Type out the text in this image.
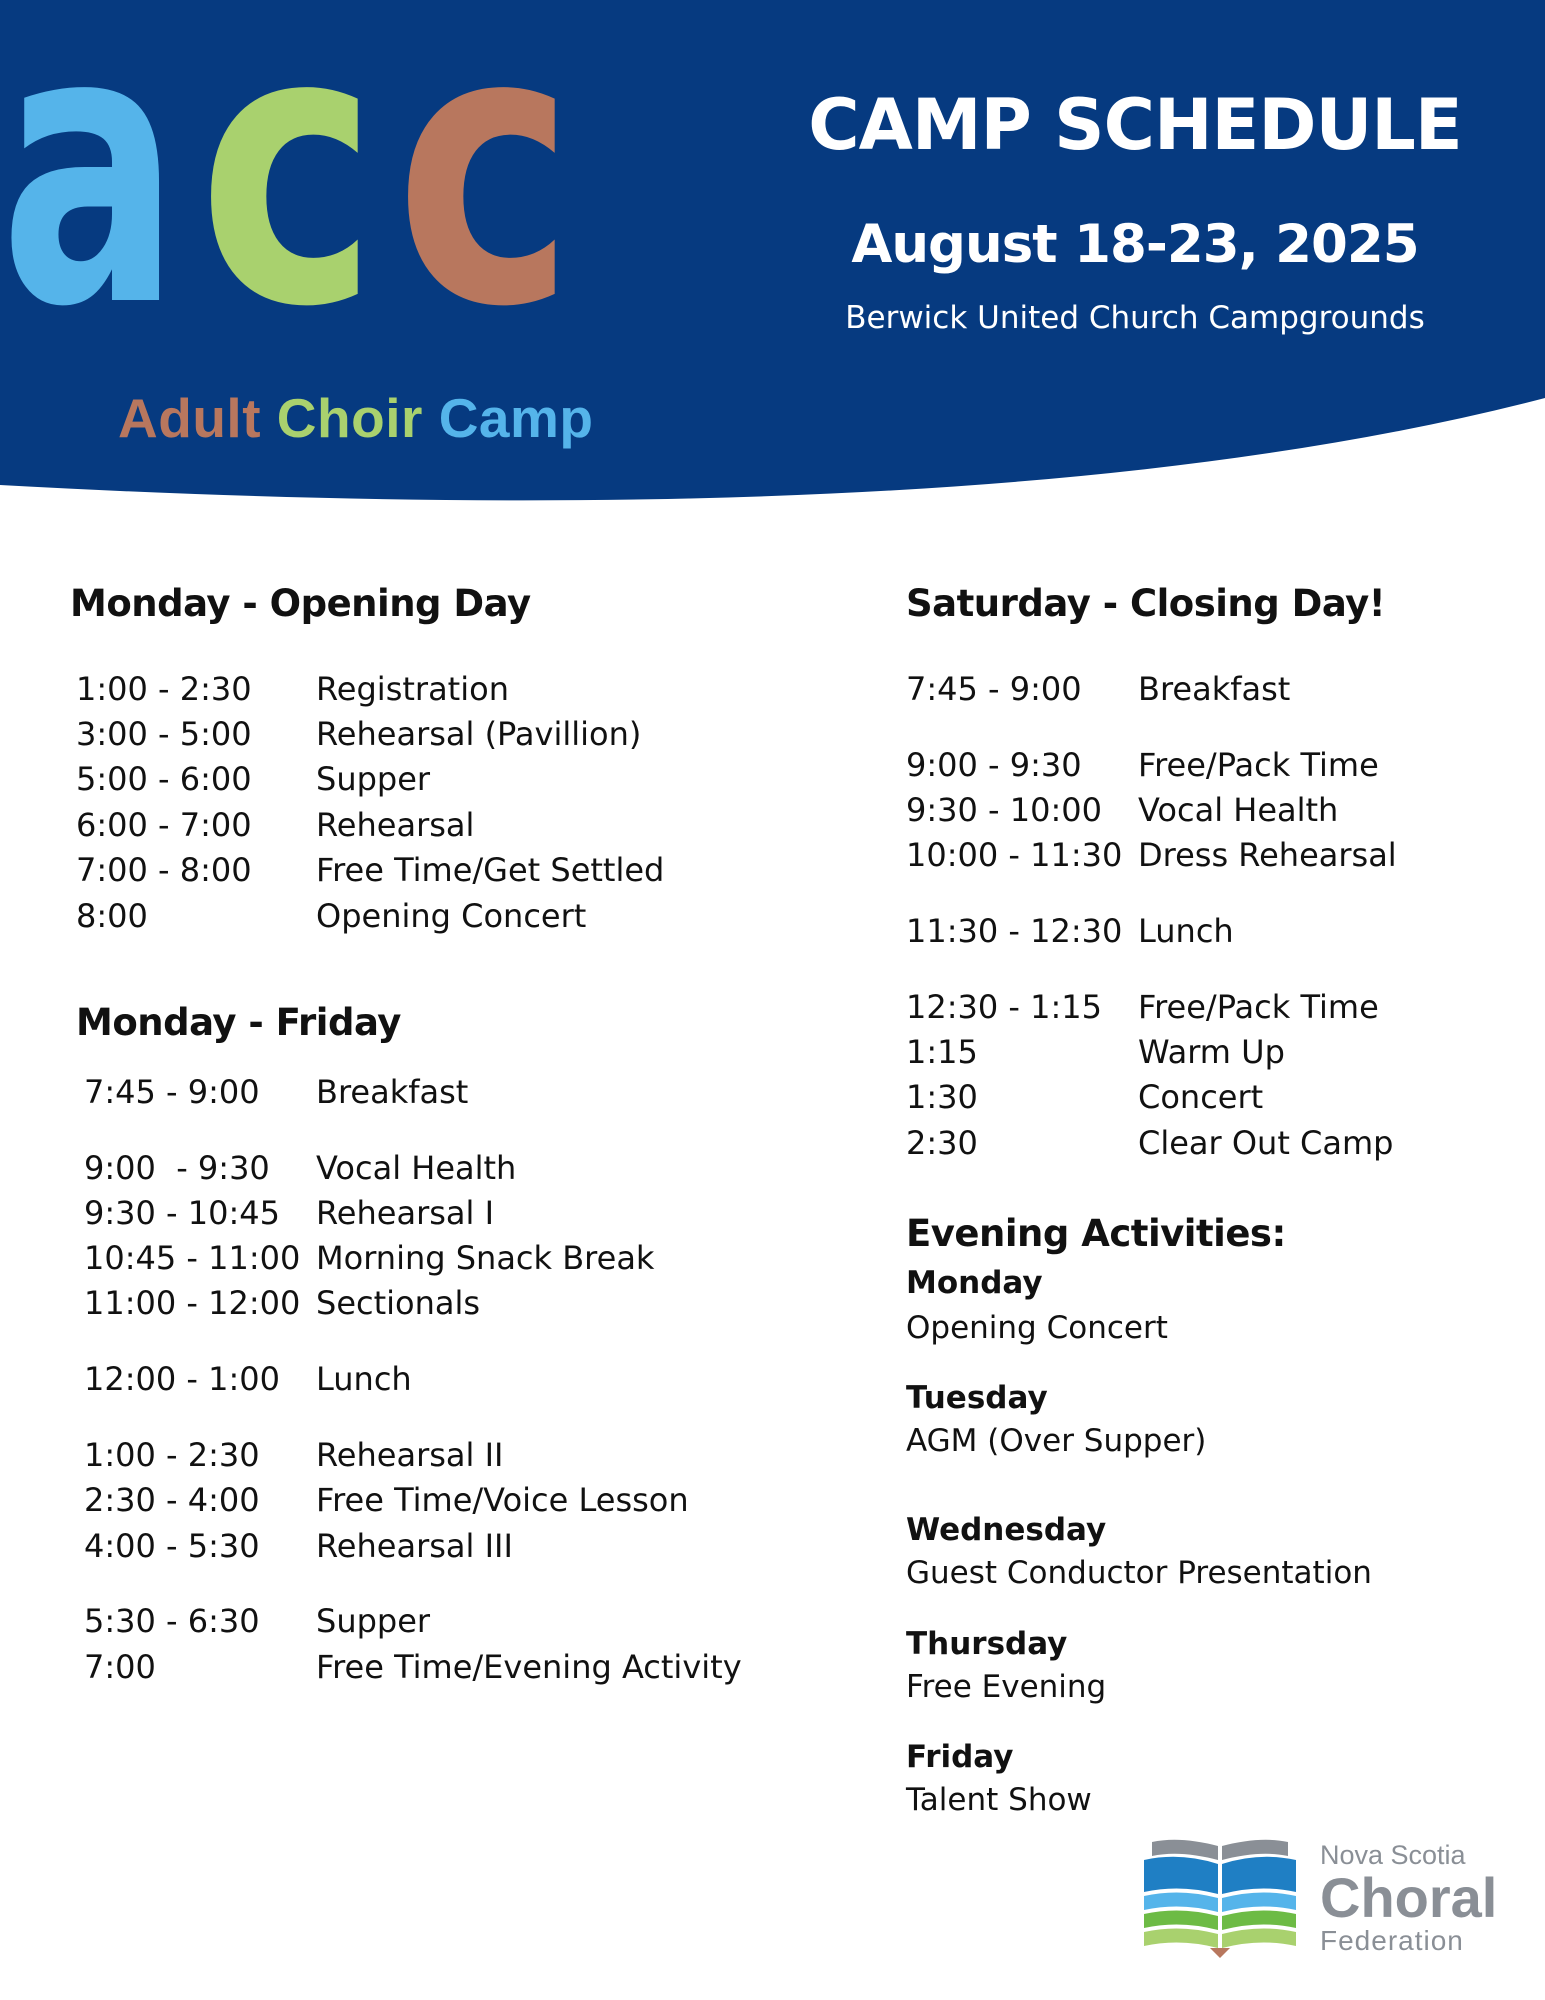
a c c
Adult Choir Camp
CAMP SCHEDULE
August 18-23, 2025
Berwick United Church Campgrounds
Monday - Opening Day
1:00 - 2:30 Registration
3:00 - 5:00 Rehearsal (Pavillion)
5:00 - 6:00 Supper
6:00 - 7:00 Rehearsal
7:00 - 8:00 Free Time/Get Settled
8:00	Opening Concert
Monday - Friday
7:45 - 9:00 Breakfast
9:00  - 9:30 Vocal Health
9:30 - 10:45 Rehearsal I
10:45 - 11:00 Morning Snack Break
11:00 - 12:00 Sectionals
12:00 - 1:00 Lunch
1:00 - 2:30 Rehearsal II
2:30 - 4:00 Free Time/Voice Lesson
4:00 - 5:30 Rehearsal III
5:30 - 6:30 Supper
7:00	Free Time/Evening Activity
Saturday - Closing Day!
7:45 - 9:00 Breakfast
9:00 - 9:30 Free/Pack Time
9:30 - 10:00 Vocal Health
10:00 - 11:30 Dress Rehearsal
11:30 - 12:30 Lunch
12:30 - 1:15 Free/Pack Time
1:15	Warm Up
1:30	Concert
2:30	Clear Out Camp
Evening Activities:
Monday
Opening Concert
Tuesday
AGM (Over Supper)
Wednesday
Guest Conductor Presentation
Thursday
Free Evening
Friday
Talent Show
Nova Scotia
Choral
Federation
